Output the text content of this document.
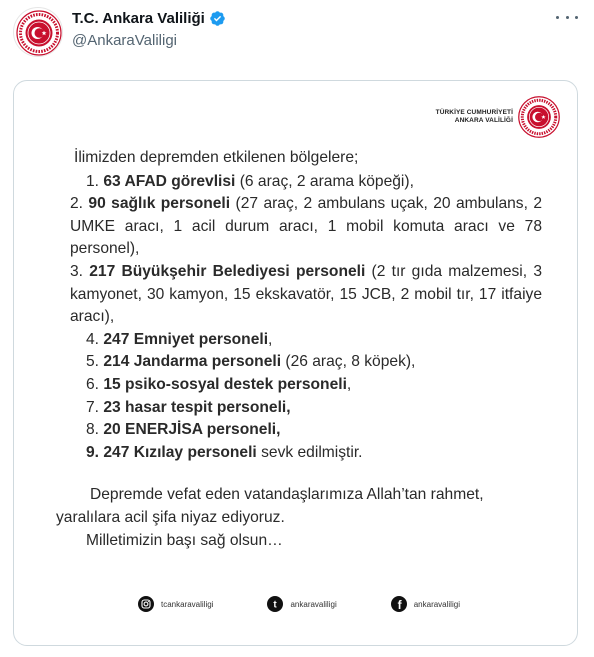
T.C. Ankara Valiliği
@AnkaraValiligi
TÜRKİYE CUMHURİYETİ
ANKARA VALİLİĞİ

İlimizden depremden etkilenen bölgelere;

1. 63 AFAD görevlisi (6 araç, 2 arama köpeği),

2. 90 sağlık personeli (27 araç, 2 ambulans uçak, 20 ambulans, 2 UMKE aracı, 1 acil durum aracı, 1 mobil komuta aracı ve 78 personel),

3. 217 Büyükşehir Belediyesi personeli (2 tır gıda malzemesi, 3 kamyonet, 30 kamyon, 15 ekskavatör, 15 JCB, 2 mobil tır, 17 itfaiye aracı),

4. 247 Emniyet personeli,

5. 214 Jandarma personeli (26 araç, 8 köpek),

6. 15 psiko-sosyal destek personeli,

7. 23 hasar tespit personeli,

8. 20 ENERJİSA personeli,

9. 247 Kızılay personeli sevk edilmiştir.

Depremde vefat eden vatandaşlarımıza Allah’tan rahmet,

yaralılara acil şifa niyaz ediyoruz.

Milletimizin başı sağ olsun…

tcankaravaliligi	t ankaravaliligi	f ankaravaliligi
